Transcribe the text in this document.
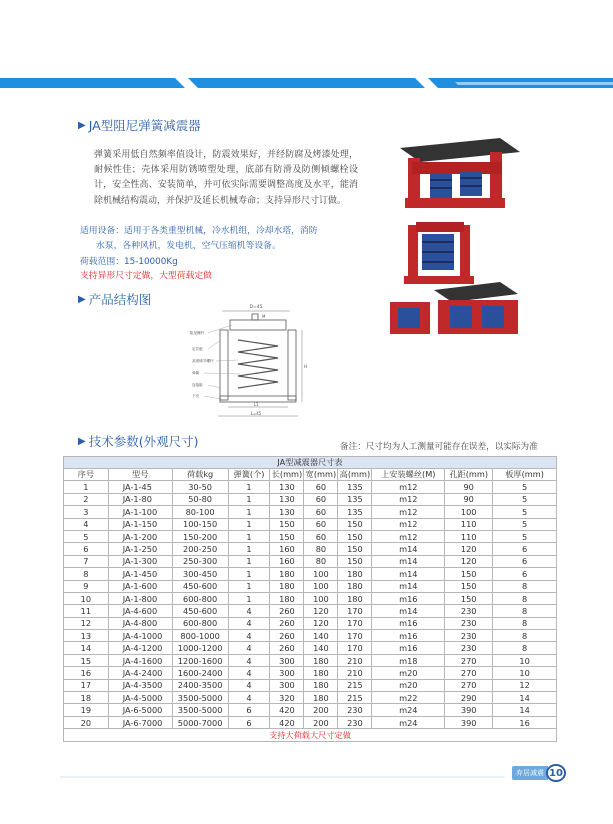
▶ JA型阻尼弹簧减震器

弹簧采用低自然频率值设计，防震效果好，并经防腐及烤漆处理，耐候性佳；壳体采用防锈喷塑处理，底部有防滑及防侧倾螺栓设计，安全性高、安装简单，并可依实际需要调整高度及水平，能消除机械结构震动，并保护及延长机械寿命；支持异形尺寸订做。

适用设备：适用于各类重型机械，冷水机组，冷却水塔，消防
水泵，各种风机，发电机，空气压缩机等设备。
荷载范围：15-10000Kg
支持异形尺寸定做，大型荷载定做
▶ 产品结构图
D=45
M
H
L1
L=45
阻尼螺杆
定位板
高度调节螺杆
弹簧
连接板
下壳
▶ 技术参数(外观尺寸)	备注：尺寸均为人工测量可能存在误差，以实际为准
JA型减震器尺寸表									
序号	型号	荷载kg	弹簧(个)	长(mm)	宽(mm)	高(mm)	上安装螺丝(M)	孔距(mm)	板厚(mm)
1	JA-1-45	30-50	1	130	60	135	m12	90	5
2	JA-1-80	50-80	1	130	60	135	m12	90	5
3	JA-1-100	80-100	1	130	60	135	m12	100	5
4	JA-1-150	100-150	1	150	60	150	m12	110	5
5	JA-1-200	150-200	1	150	60	150	m12	110	5
6	JA-1-250	200-250	1	160	80	150	m14	120	6
7	JA-1-300	250-300	1	160	80	150	m14	120	6
8	JA-1-450	300-450	1	180	100	180	m14	150	6
9	JA-1-600	450-600	1	180	100	180	m14	150	8
10	JA-1-800	600-800	1	180	100	180	m16	150	8
11	JA-4-600	450-600	4	260	120	170	m14	230	8
12	JA-4-800	600-800	4	260	120	170	m16	230	8
13	JA-4-1000	800-1000	4	260	140	170	m16	230	8
14	JA-4-1200	1000-1200	4	260	140	170	m16	230	8
15	JA-4-1600	1200-1600	4	300	180	210	m18	270	10
16	JA-4-2400	1600-2400	4	300	180	210	m20	270	10
17	JA-4-3500	2400-3500	4	300	180	215	m20	270	12
18	JA-4-5000	3500-5000	4	320	180	215	m22	290	14
19	JA-6-5000	3500-5000	6	420	200	230	m24	390	14
20	JA-6-7000	5000-7000	6	420	200	230	m24	390	16
支持大荷载大尺寸定做									
弃居减震 10
